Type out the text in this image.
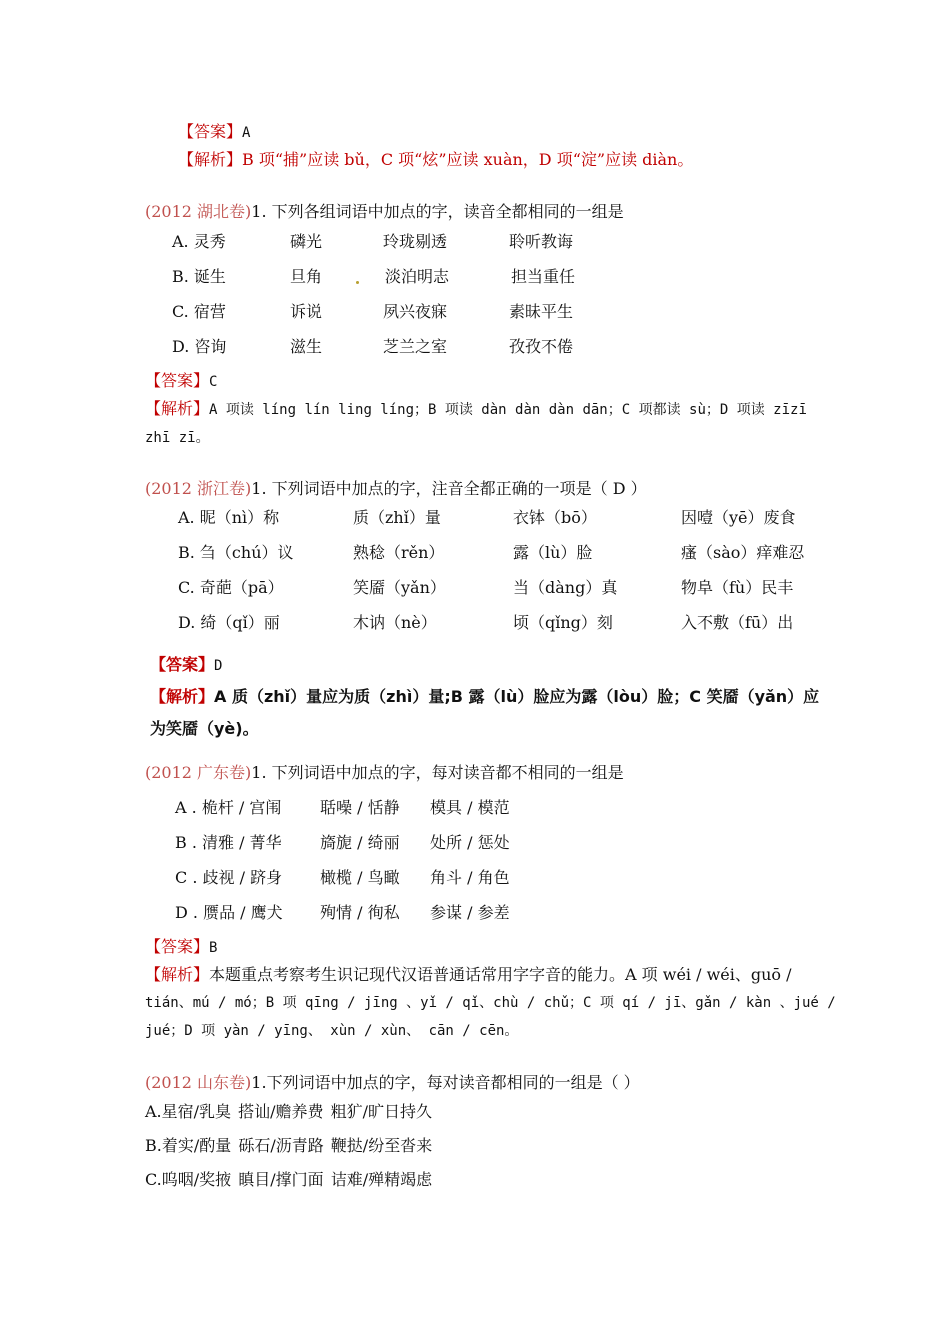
【答案】A
【解析】B 项“捕”应读 bǔ，C 项“炫”应读 xuàn，D 项“淀”应读 diàn。
(2012 湖北卷)1. 下列各组词语中加点的字，读音全都相同的一组是
A. 灵秀	磷光	玲珑剔透	聆听教诲
B. 诞生	旦角	淡泊明志	担当重任
C. 宿营	诉说	夙兴夜寐	素昧平生
D. 咨询	滋生	芝兰之室	孜孜不倦
【答案】C
【解析】A 项读 líng lín ling líng；B 项读 dàn dàn dàn dān；C 项都读 sù；D 项读 zīzī
zhī zī。
(2012 浙江卷)1. 下列词语中加点的字，注音全都正确的一项是（ D ）
A. 昵（nì）称	质（zhǐ）量	衣钵（bō）	因噎（yē）废食
B. 刍（chú）议	熟稔（rěn）	露（lù）脸	瘙（sào）痒难忍
C. 奇葩（pā）	笑靥（yǎn）	当（dàng）真	物阜（fù）民丰
D. 绮（qǐ）丽	木讷（nè）	顷（qǐng）刻	入不敷（fū）出
【答案】D
【解析】A 质（zhǐ）量应为质（zhì）量;B 露（lù）脸应为露（lòu）脸；C 笑靥（yǎn）应
为笑靥（yè)。
(2012 广东卷)1. 下列词语中加点的字，每对读音都不相同的一组是
A . 桅杆 / 宫闱 聒噪 / 恬静 模具 / 模范
B . 清雅 / 菁华 旖旎 / 绮丽 处所 / 惩处
C . 歧视 / 跻身 橄榄 / 鸟瞰 角斗 / 角色
D . 赝品 / 鹰犬 殉情 / 徇私 参谋 / 参差
【答案】B
【解析】本题重点考察考生识记现代汉语普通话常用字字音的能力。A 项 wéi / wéi、guō /
tián、mú / mó；B 项 qīng / jīng 、yǐ / qǐ、chù / chǔ；C 项 qí / jī、gǎn / kàn 、jué /
jué；D 项 yàn / yīng、 xùn / xùn、 cān / cēn。
(2012 山东卷)1.下列词语中加点的字，每对读音都相同的一组是（ ）
A.星宿/乳臭 搭讪/赡养费 粗犷/旷日持久
B.着实/酌量 砾石/沥青路 鞭挞/纷至沓来
C.呜咽/奖掖 瞋目/撑门面 诘难/殚精竭虑
